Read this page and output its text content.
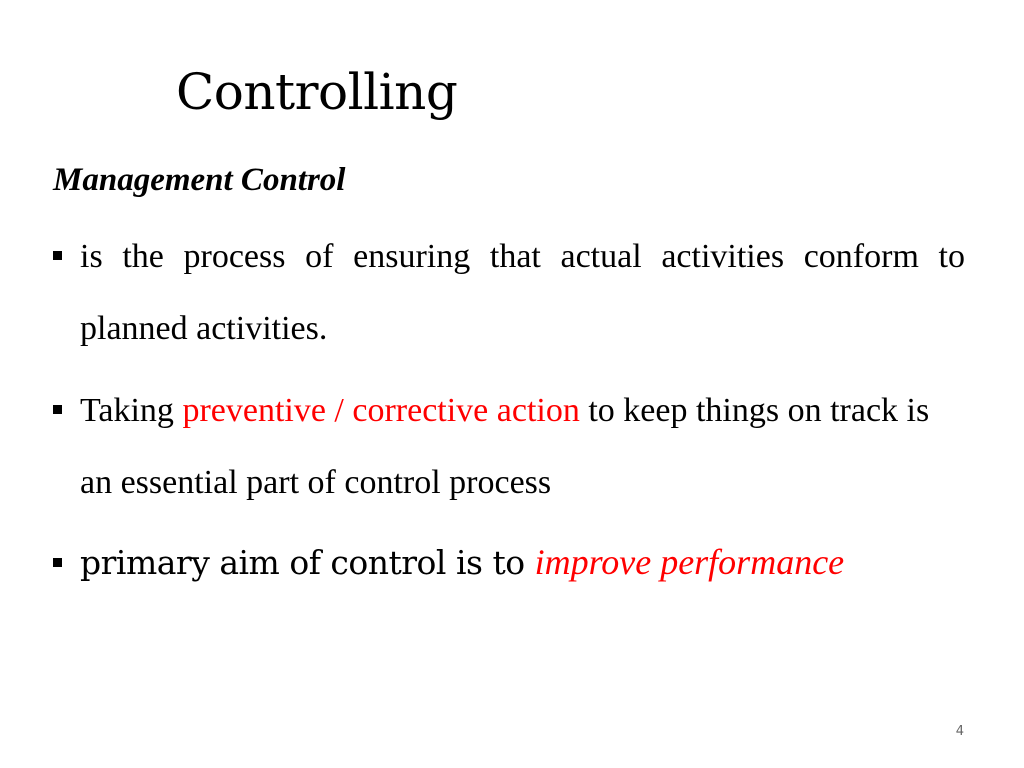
Controlling
Management Control
is the process of ensuring that actual activities conform to planned activities.
Taking preventive / corrective action to keep things on track is an essential part of control process
primary aim of control is to improve performance
4
